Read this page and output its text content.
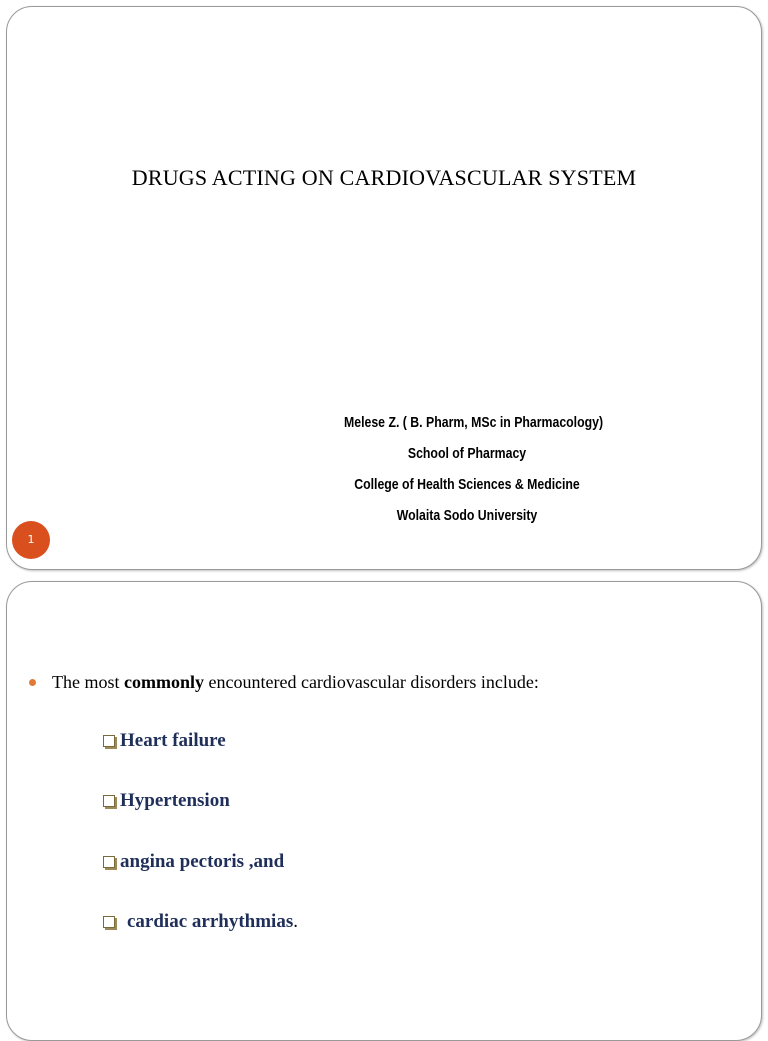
DRUGS ACTING ON CARDIOVASCULAR SYSTEM
Melese Z. ( B. Pharm, MSc in Pharmacology)
School of Pharmacy
College of Health Sciences & Medicine
Wolaita Sodo University
1
The most commonly encountered cardiovascular disorders include:
Heart failure
Hypertension
angina pectoris ,and
cardiac arrhythmias .
